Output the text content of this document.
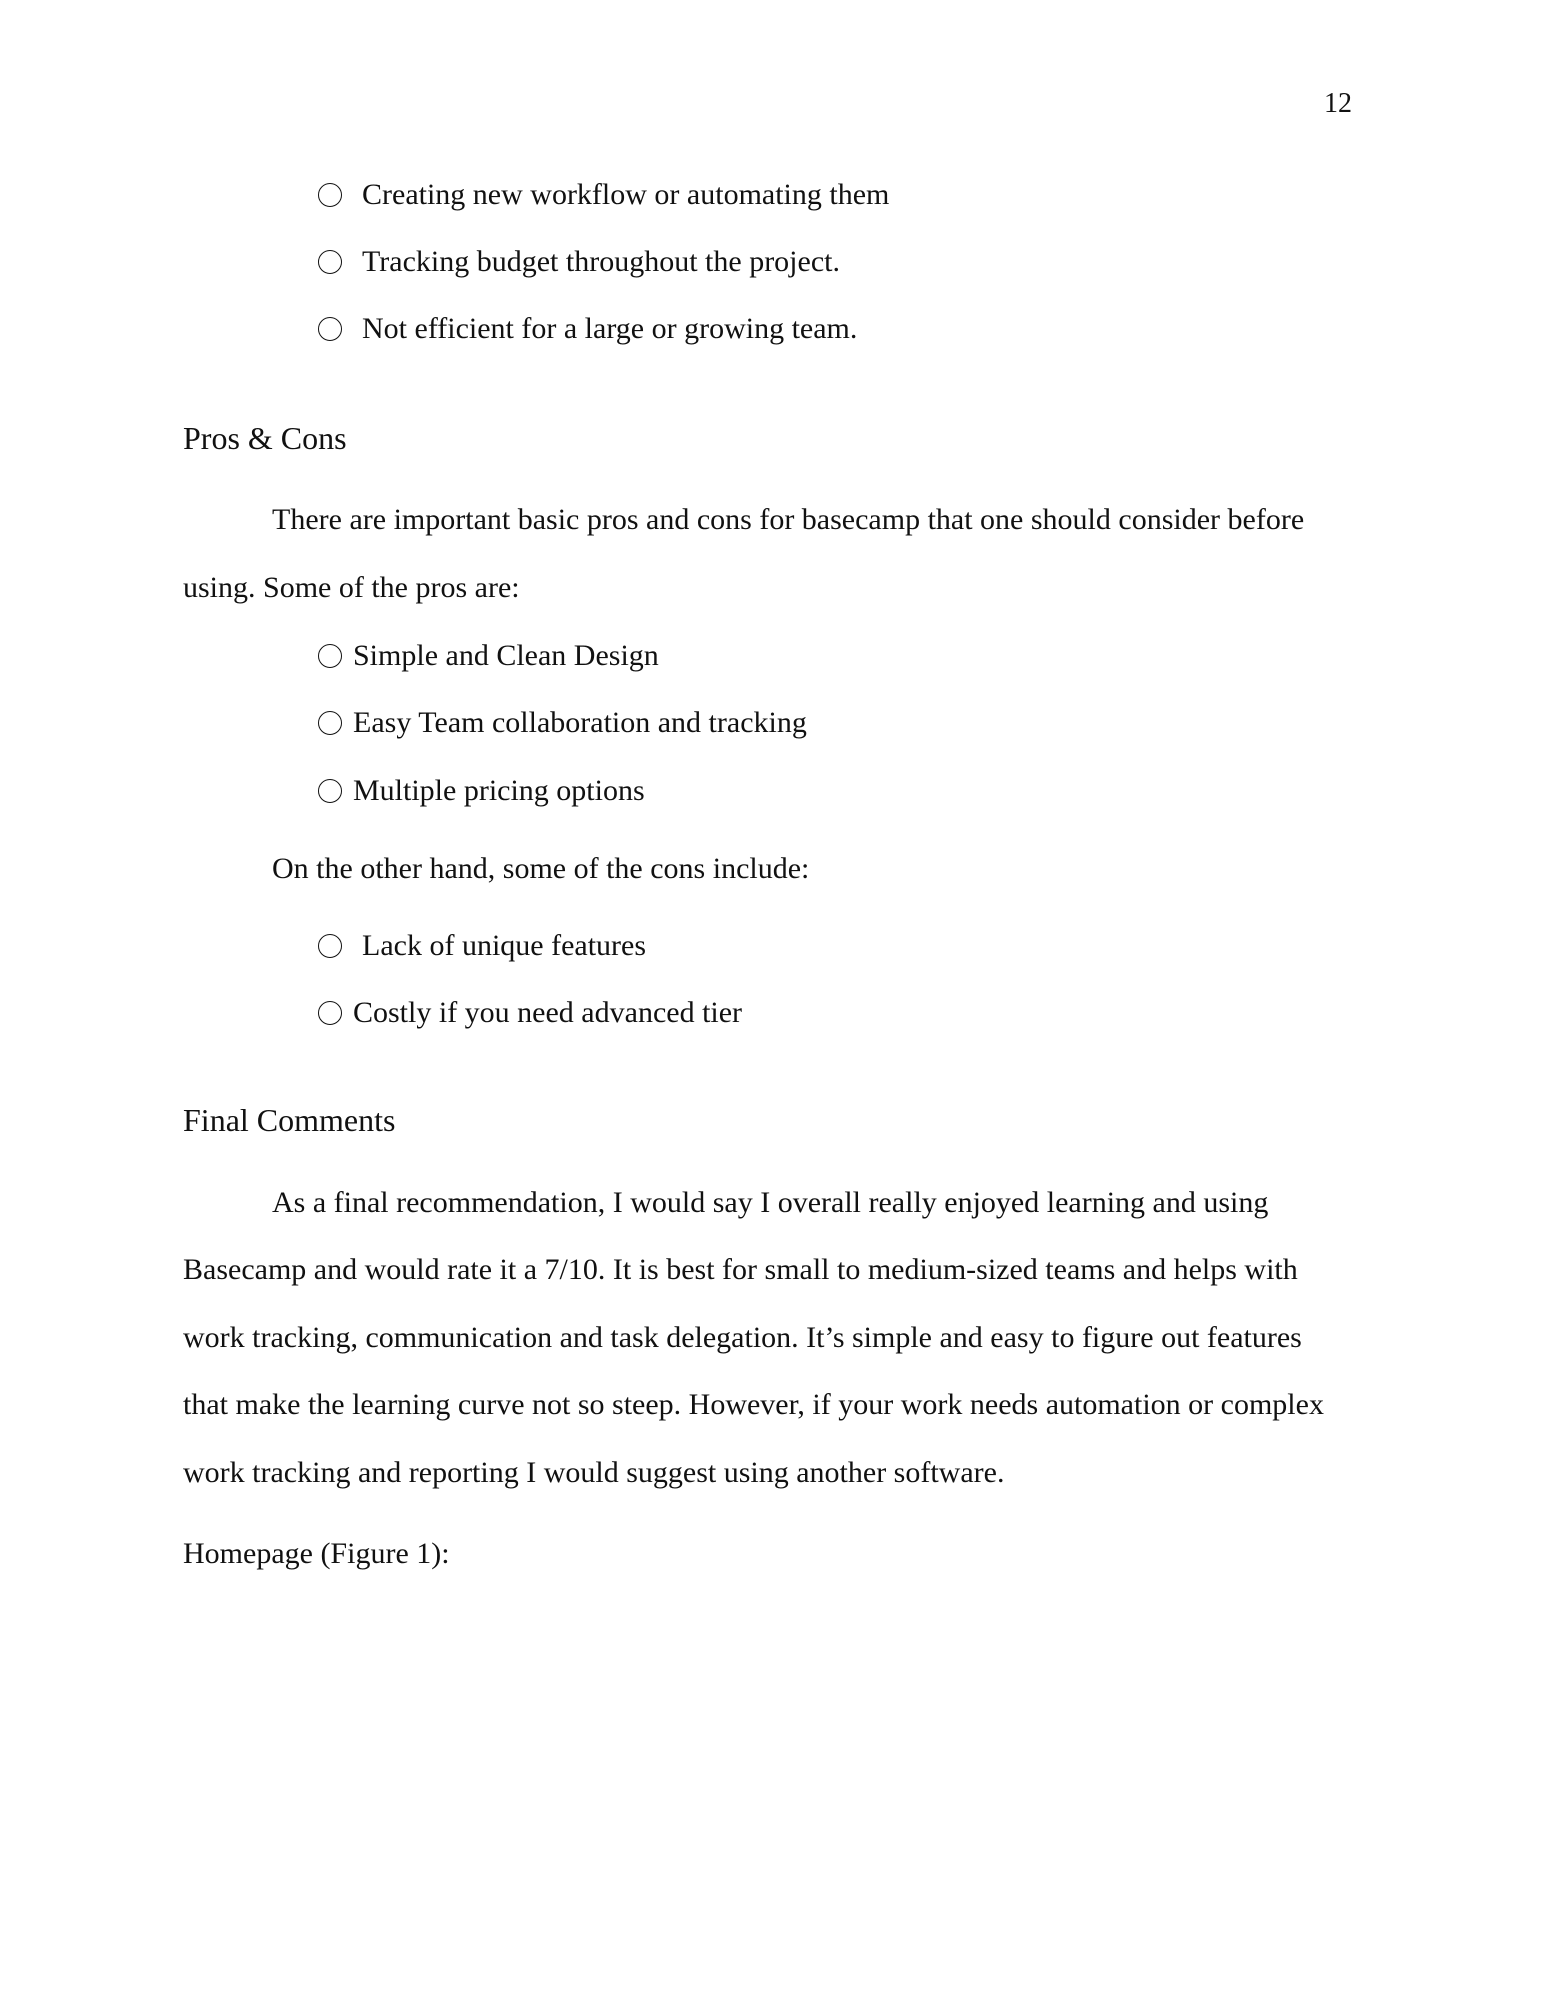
12
Creating new workflow or automating them
Tracking budget throughout the project.
Not efficient for a large or growing team.
Pros & Cons
There are important basic pros and cons for basecamp that one should consider before
using. Some of the pros are:
Simple and Clean Design
Easy Team collaboration and tracking
Multiple pricing options
On the other hand, some of the cons include:
Lack of unique features
Costly if you need advanced tier
Final Comments
As a final recommendation, I would say I overall really enjoyed learning and using
Basecamp and would rate it a 7/10. It is best for small to medium-sized teams and helps with
work tracking, communication and task delegation. It’s simple and easy to figure out features
that make the learning curve not so steep. However, if your work needs automation or complex
work tracking and reporting I would suggest using another software.
Homepage (Figure 1):
